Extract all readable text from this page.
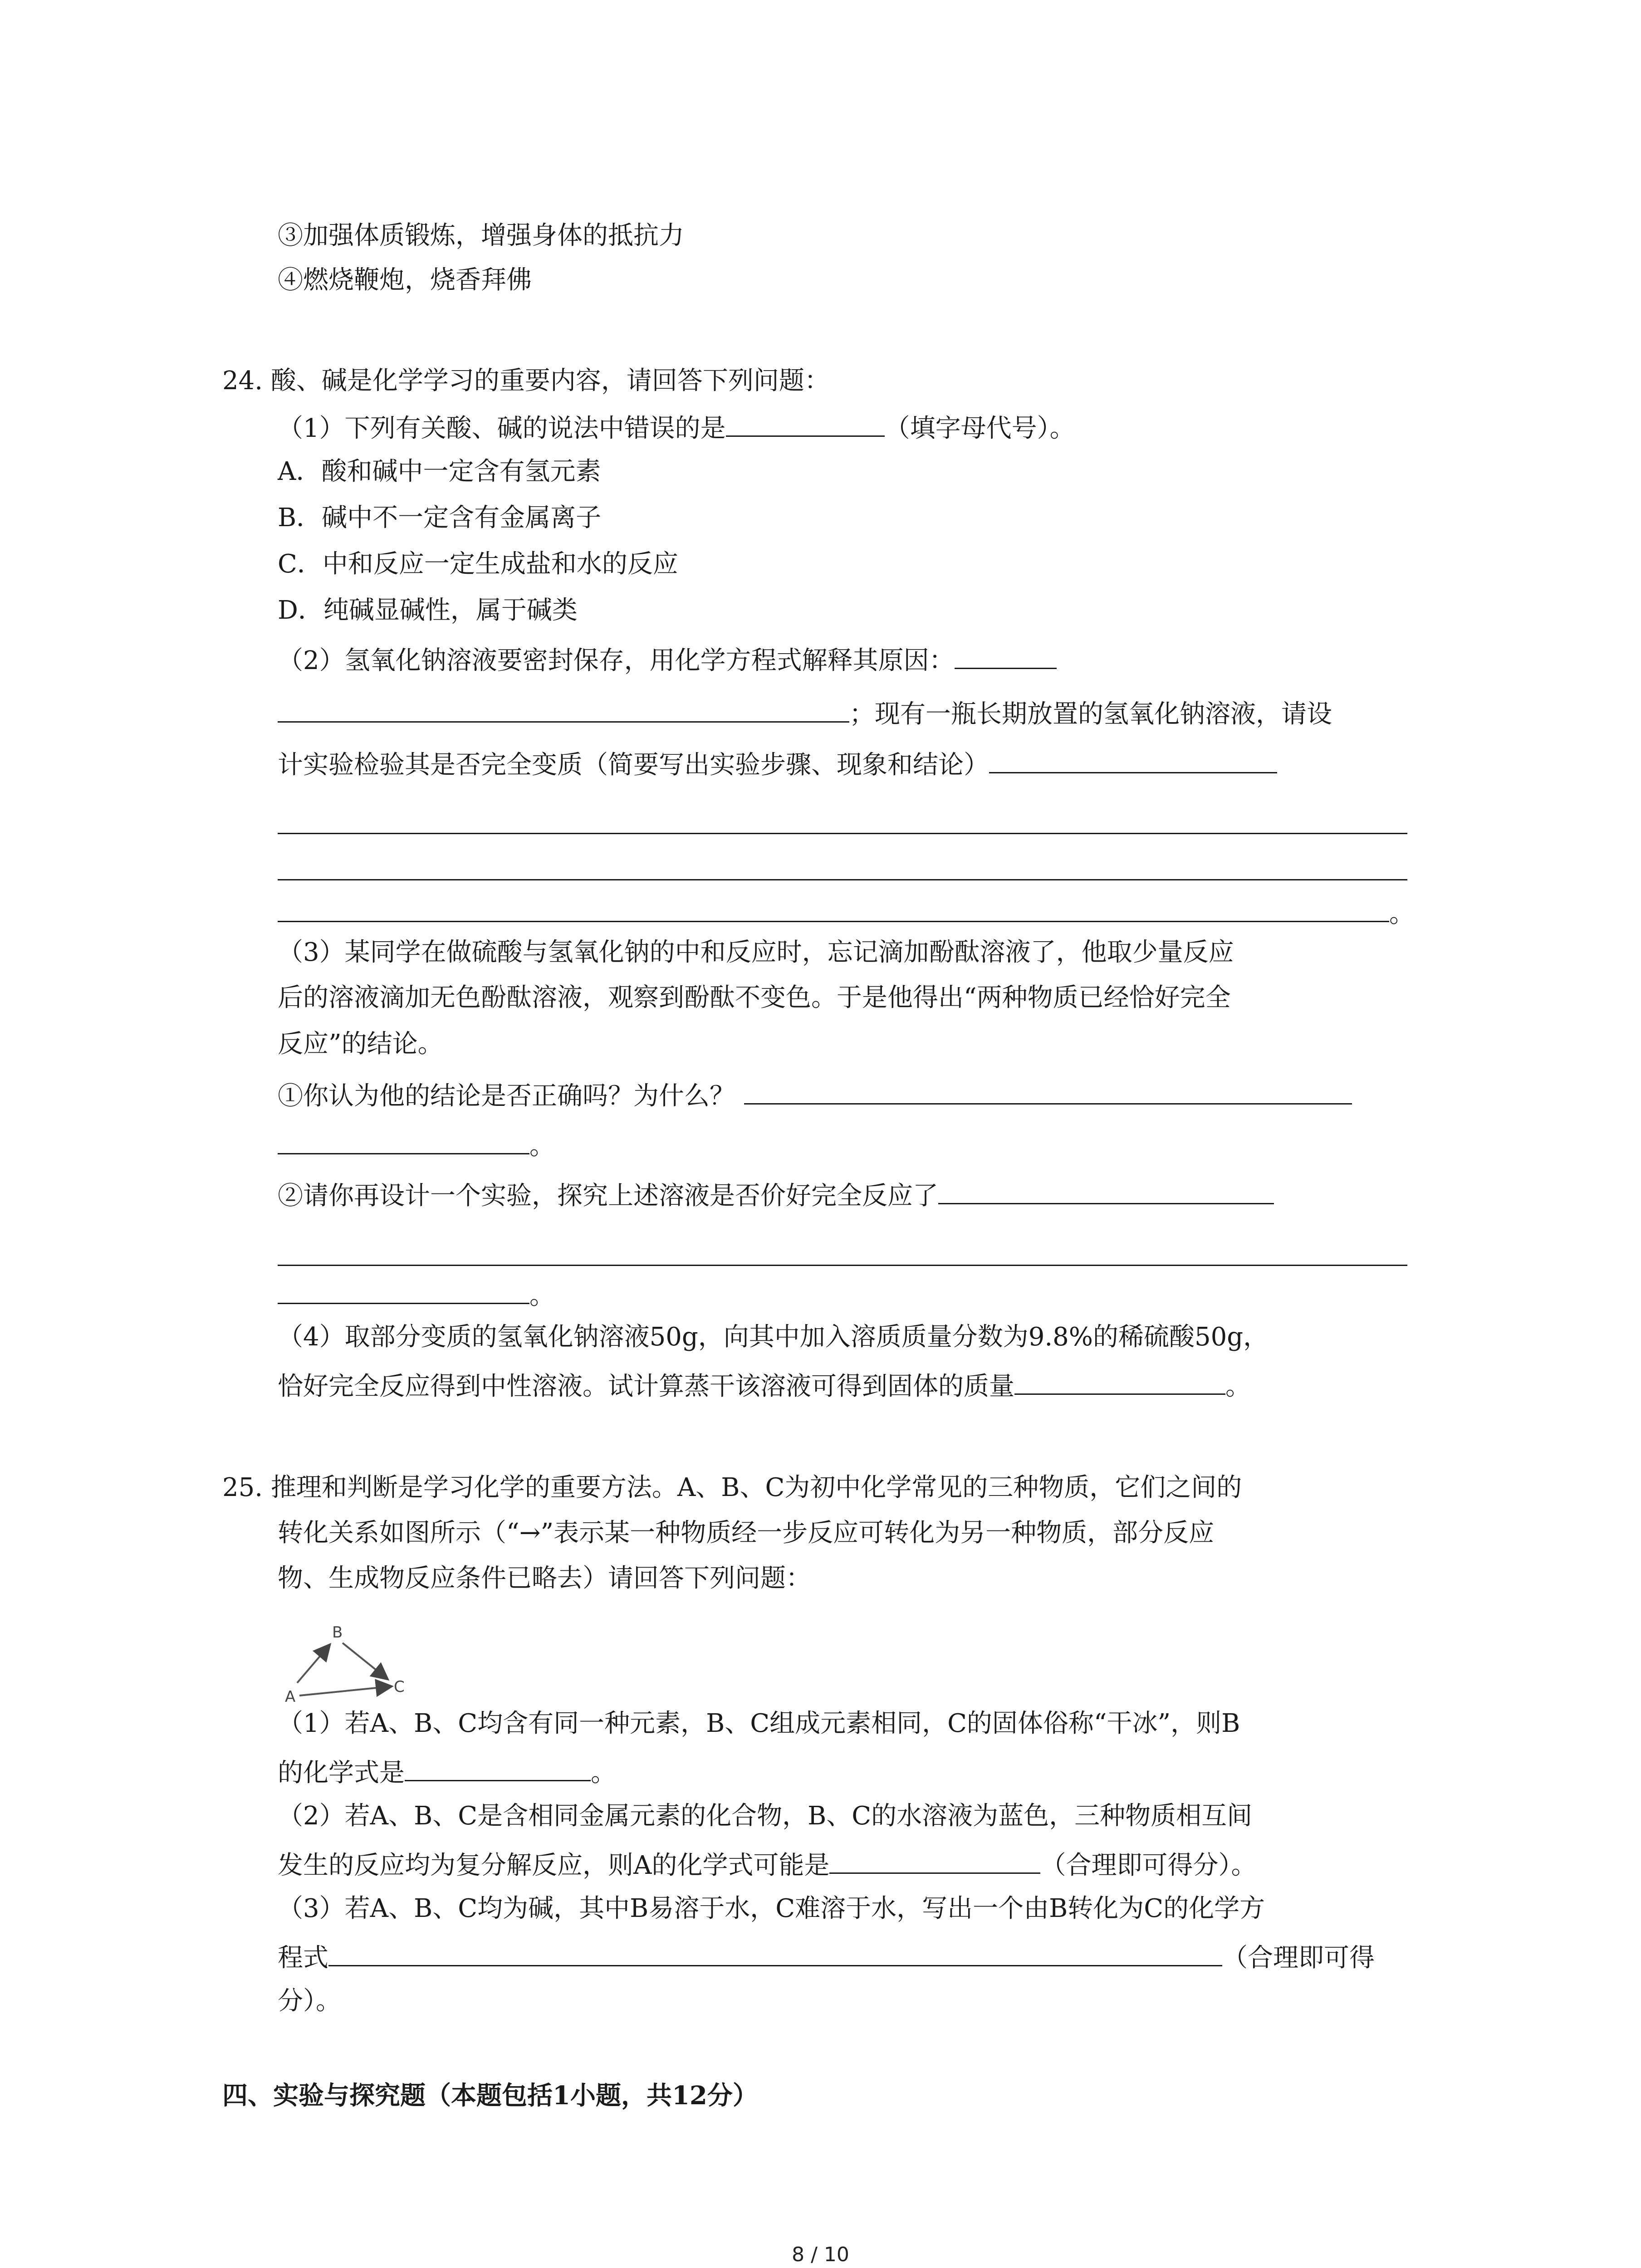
③加强体质锻炼，增强身体的抵抗力
④燃烧鞭炮，烧香拜佛
24. 酸、碱是化学学习的重要内容，请回答下列问题：
（1）下列有关酸、碱的说法中错误的是	（填字母代号）。
A．酸和碱中一定含有氢元素
B．碱中不一定含有金属离子
C．中和反应一定生成盐和水的反应
D．纯碱显碱性，属于碱类
（2）氢氧化钠溶液要密封保存，用化学方程式解释其原因：
；现有一瓶长期放置的氢氧化钠溶液，请设
计实验检验其是否完全变质（简要写出实验步骤、现象和结论）
。
（3）某同学在做硫酸与氢氧化钠的中和反应时，忘记滴加酚酞溶液了，他取少量反应
后的溶液滴加无色酚酞溶液，观察到酚酞不变色。于是他得出“两种物质已经恰好完全
反应”的结论。
①你认为他的结论是否正确吗？为什么？
。
②请你再设计一个实验，探究上述溶液是否价好完全反应了
。
（4）取部分变质的氢氧化钠溶液50g，向其中加入溶质质量分数为9.8%的稀硫酸50g，
恰好完全反应得到中性溶液。试计算蒸干该溶液可得到固体的质量	。
25. 推理和判断是学习化学的重要方法。A、B、C为初中化学常见的三种物质，它们之间的
转化关系如图所示（“→”表示某一种物质经一步反应可转化为另一种物质，部分反应
物、生成物反应条件已略去）请回答下列问题：
A
B
C
（1）若A、B、C均含有同一种元素，B、C组成元素相同，C的固体俗称“干冰”，则B
的化学式是	。
（2）若A、B、C是含相同金属元素的化合物，B、C的水溶液为蓝色，三种物质相互间
发生的反应均为复分解反应，则A的化学式可能是	（合理即可得分）。
（3）若A、B、C均为碱，其中B易溶于水，C难溶于水，写出一个由B转化为C的化学方
程式	（合理即可得
分）。
四、实验与探究题（本题包括1小题，共12分）
8 / 10
